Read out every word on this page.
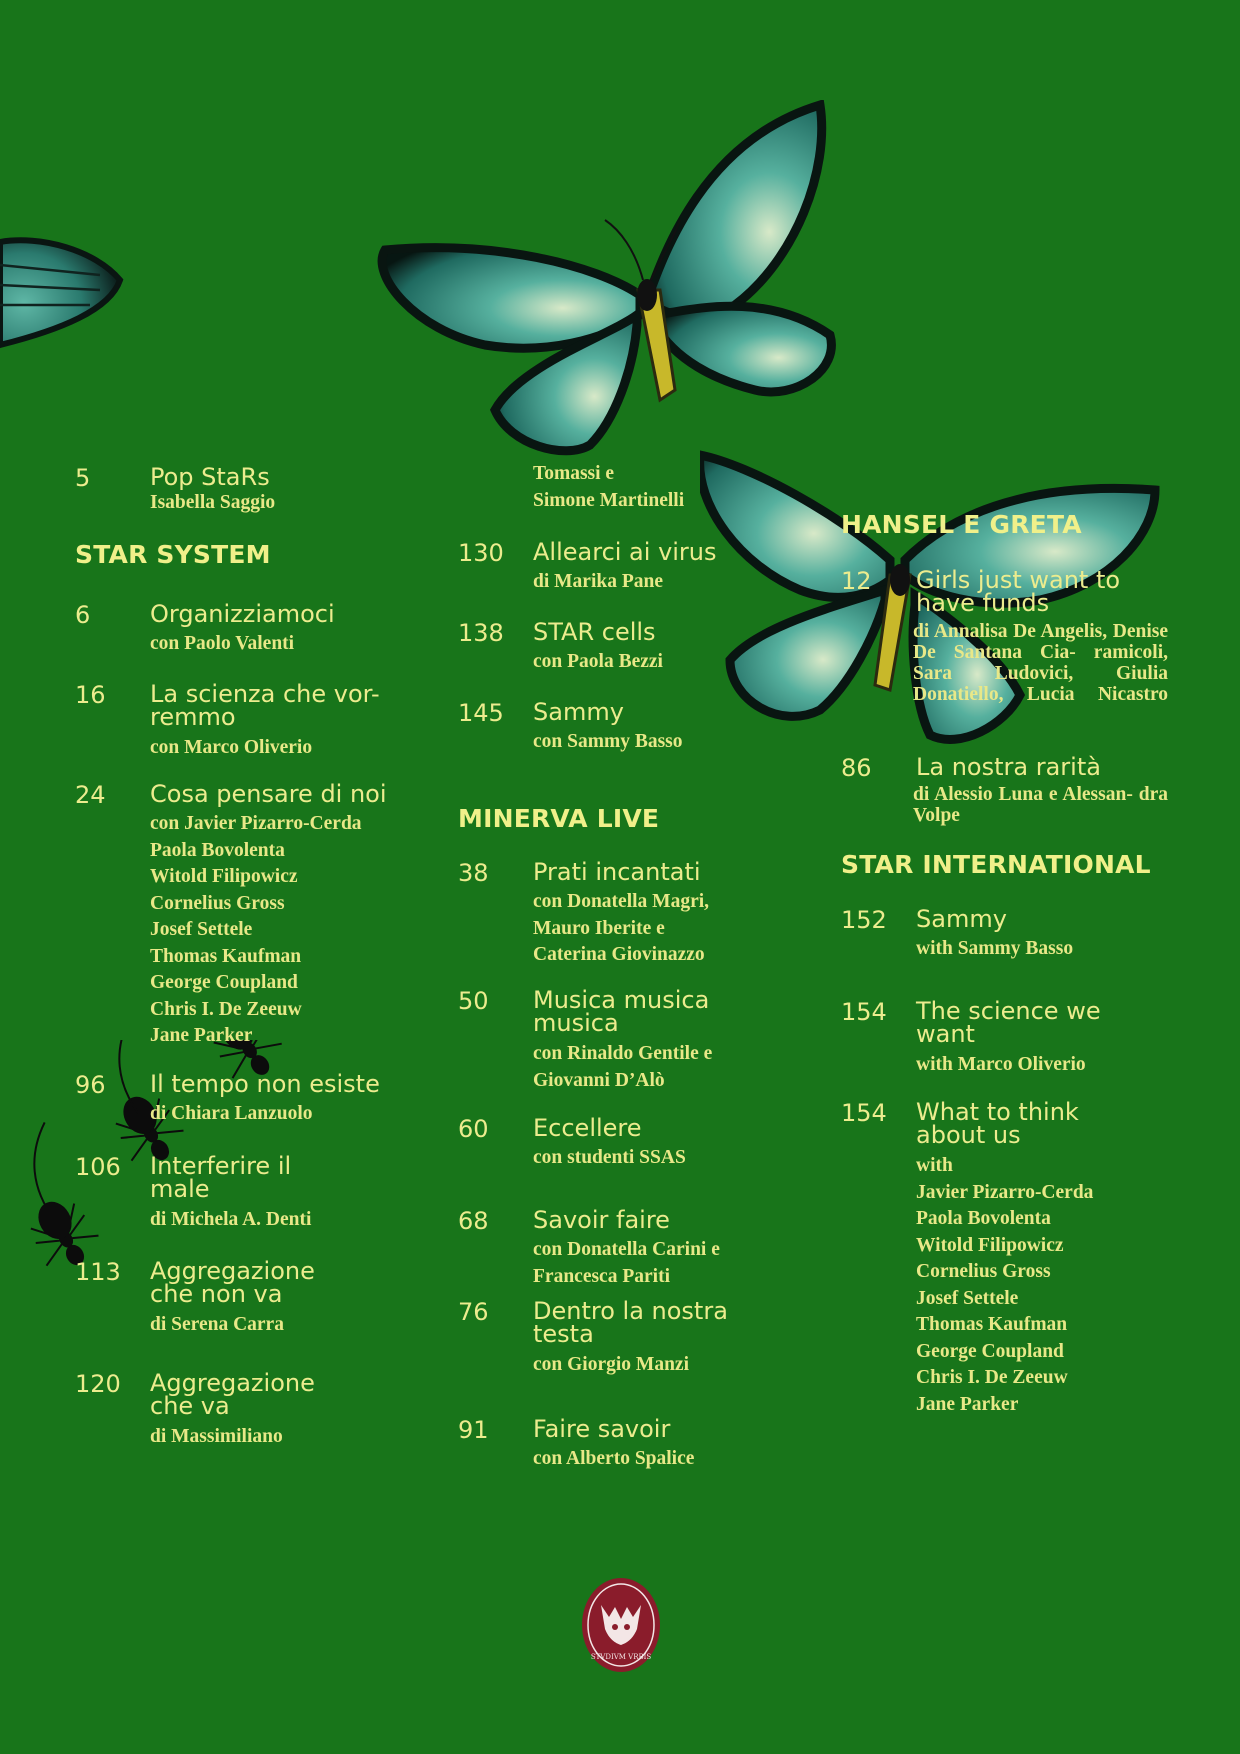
5 Pop StaRs
Isabella Saggio
STAR SYSTEM
6 Organizziamoci
con Paolo Valenti
16 La scienza che vor-
remmo
con Marco Oliverio
24 Cosa pensare di noi
con Javier Pizarro-Cerda
Paola Bovolenta
Witold Filipowicz
Cornelius Gross
Josef Settele
Thomas Kaufman
George Coupland
Chris I. De Zeeuw
Jane Parker
96 Il tempo non esiste
di Chiara Lanzuolo
106 Interferire il
male
di Michela A. Denti
113 Aggregazione
che non va
di Serena Carra
120 Aggregazione
che va
di Massimiliano
Tomassi e
Simone Martinelli
130 Allearci ai virus
di Marika Pane
138 STAR cells
con Paola Bezzi
145 Sammy
con Sammy Basso
MINERVA LIVE
38 Prati incantati
con Donatella Magri,
Mauro Iberite e
Caterina Giovinazzo
50 Musica musica
musica
con Rinaldo Gentile e
Giovanni D’Alò
60 Eccellere
con studenti SSAS
68 Savoir faire
con Donatella Carini e
Francesca Pariti
76 Dentro la nostra
testa
con Giorgio Manzi
91 Faire savoir
con Alberto Spalice
HANSEL E GRETA
12 Girls just want to
have funds
di Annalisa De Angelis, Denise De Santana Cia- ramicoli, Sara Ludovici, Giulia Donatiello, Lucia Nicastro
86 La nostra rarità
di Alessio Luna e Alessan- dra Volpe
STAR INTERNATIONAL
152 Sammy
with Sammy Basso
154 The science we
want
with Marco Oliverio
154 What to think
about us
with
Javier Pizarro-Cerda
Paola Bovolenta
Witold Filipowicz
Cornelius Gross
Josef Settele
Thomas Kaufman
George Coupland
Chris I. De Zeeuw
Jane Parker
STVDIVM VRBIS
